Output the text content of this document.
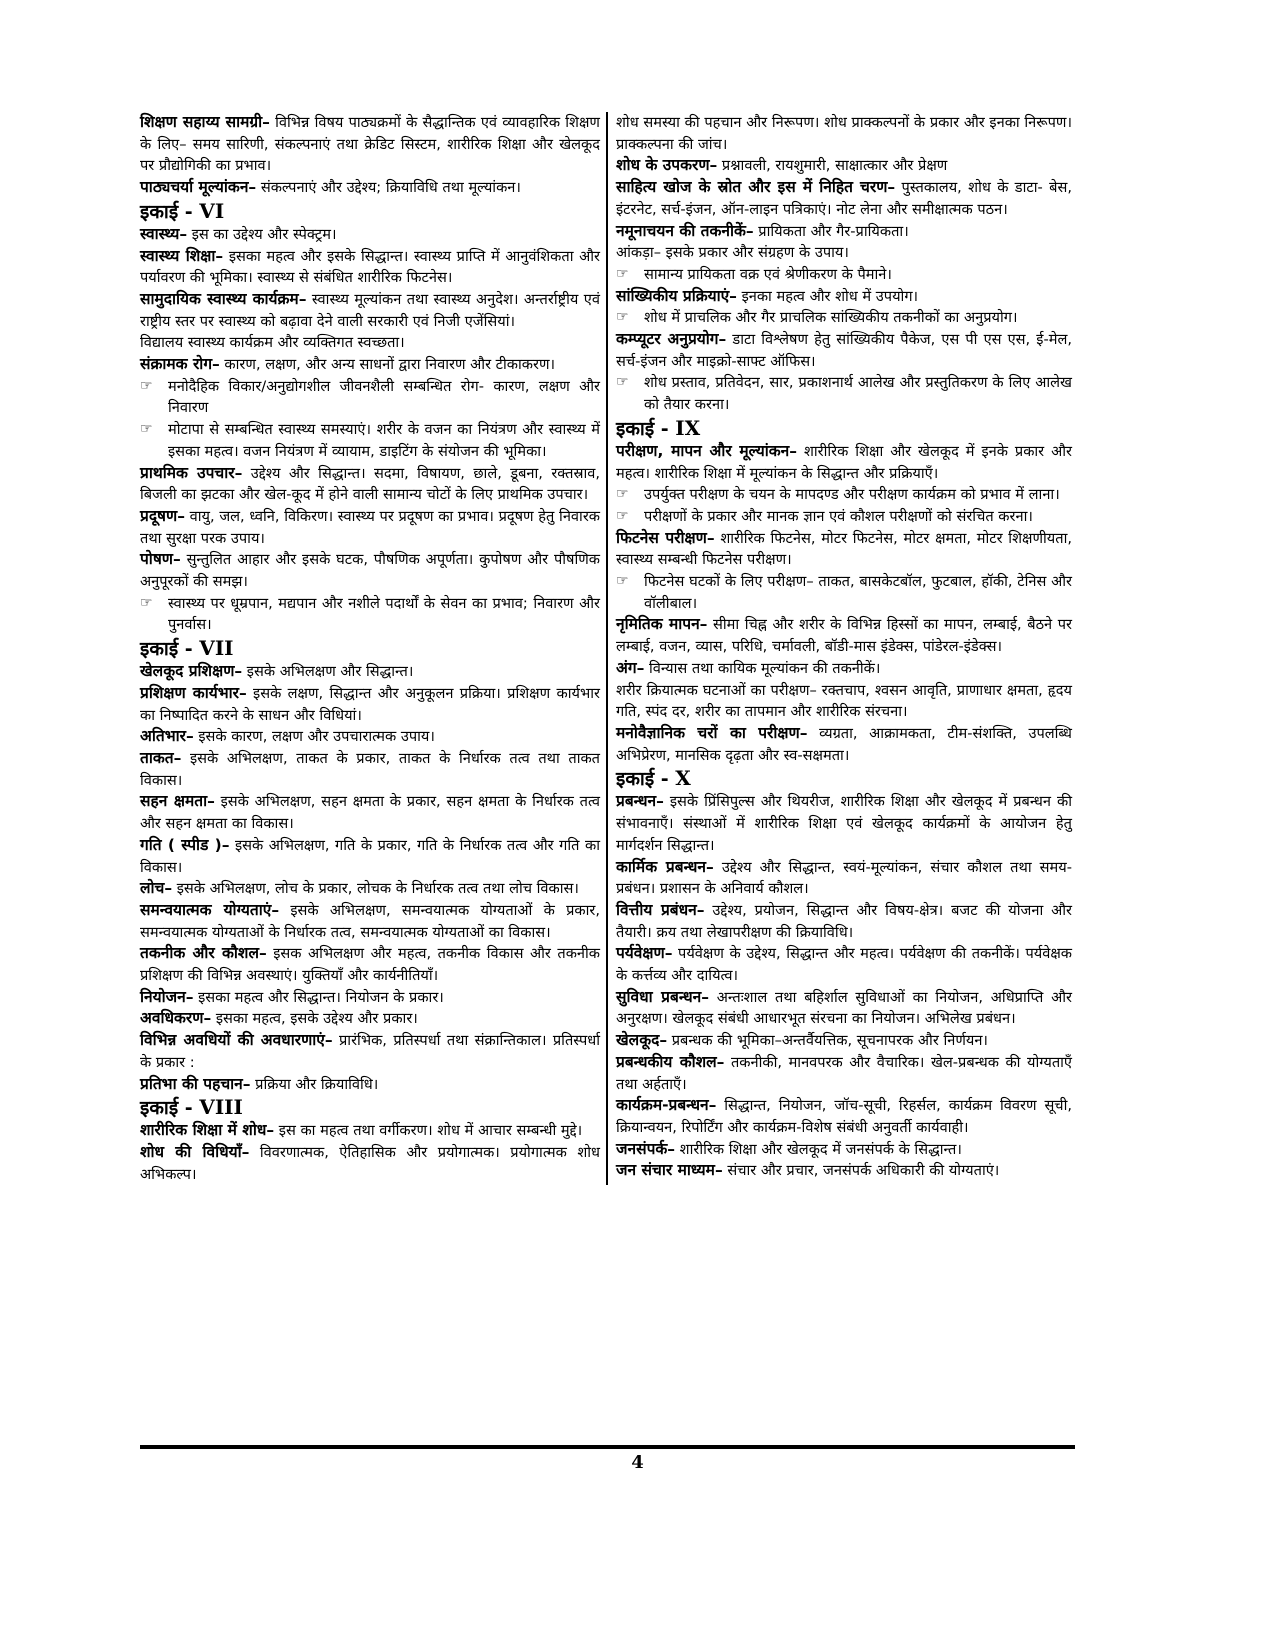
शिक्षण सहाय्य सामग्री– विभिन्न विषय पाठ्यक्रमों के सैद्धान्तिक एवं व्यावहारिक शिक्षण के लिए– समय सारिणी, संकल्पनाएं तथा क्रेडिट सिस्टम, शारीरिक शिक्षा और खेलकूद पर प्रौद्योगिकी का प्रभाव।

पाठ्यचर्या मूल्यांकन– संकल्पनाएं और उद्देश्य; क्रियाविधि तथा मूल्यांकन।

इकाई - VI

स्वास्थ्य– इस का उद्देश्य और स्पेक्ट्रम।

स्वास्थ्य शिक्षा– इसका महत्व और इसके सिद्धान्त। स्वास्थ्य प्राप्ति में आनुवंशिकता और पर्यावरण की भूमिका। स्वास्थ्य से संबंधित शारीरिक फिटनेस।

सामुदायिक स्वास्थ्य कार्यक्रम– स्वास्थ्य मूल्यांकन तथा स्वास्थ्य अनुदेश। अन्तर्राष्ट्रीय एवं राष्ट्रीय स्तर पर स्वास्थ्य को बढ़ावा देने वाली सरकारी एवं निजी एजेंसियां।

विद्यालय स्वास्थ्य कार्यक्रम और व्यक्तिगत स्वच्छता।

संक्रामक रोग– कारण, लक्षण, और अन्य साधनों द्वारा निवारण और टीकाकरण।

☞	मनोदैहिक विकार/अनुद्योगशील जीवनशैली सम्बन्धित रोग- कारण, लक्षण और निवारण
☞	मोटापा से सम्बन्धित स्वास्थ्य समस्याएं। शरीर के वजन का नियंत्रण और स्वास्थ्य में इसका महत्व। वजन नियंत्रण में व्यायाम, डाइटिंग के संयोजन की भूमिका।

प्राथमिक उपचार– उद्देश्य और सिद्धान्त। सदमा, विषायण, छाले, डूबना, रक्तस्राव, बिजली का झटका और खेल-कूद में होने वाली सामान्य चोटों के लिए प्राथमिक उपचार।

प्रदूषण– वायु, जल, ध्वनि, विकिरण। स्वास्थ्य पर प्रदूषण का प्रभाव। प्रदूषण हेतु निवारक तथा सुरक्षा परक उपाय।

पोषण– सुन्तुलित आहार और इसके घटक, पौषणिक अपूर्णता। कुपोषण और पौषणिक अनुपूरकों की समझ।

☞	स्वास्थ्य पर धूम्रपान, मद्यपान और नशीले पदार्थों के सेवन का प्रभाव; निवारण और पुनर्वास।

इकाई - VII

खेलकूद प्रशिक्षण– इसके अभिलक्षण और सिद्धान्त।

प्रशिक्षण कार्यभार– इसके लक्षण, सिद्धान्त और अनुकूलन प्रक्रिया। प्रशिक्षण कार्यभार का निष्पादित करने के साधन और विधियां।

अतिभार– इसके कारण, लक्षण और उपचारात्मक उपाय।

ताकत– इसके अभिलक्षण, ताकत के प्रकार, ताकत के निर्धारक तत्व तथा ताकत विकास।

सहन क्षमता– इसके अभिलक्षण, सहन क्षमता के प्रकार, सहन क्षमता के निर्धारक तत्व और सहन क्षमता का विकास।

गति ( स्पीड )– इसके अभिलक्षण, गति के प्रकार, गति के निर्धारक तत्व और गति का विकास।

लोच– इसके अभिलक्षण, लोच के प्रकार, लोचक के निर्धारक तत्व तथा लोच विकास।

समन्वयात्मक योग्यताएं– इसके अभिलक्षण, समन्वयात्मक योग्यताओं के प्रकार, समन्वयात्मक योग्यताओं के निर्धारक तत्व, समन्वयात्मक योग्यताओं का विकास।

तकनीक और कौशल– इसक अभिलक्षण और महत्व, तकनीक विकास और तकनीक प्रशिक्षण की विभिन्न अवस्थाएं। युक्तियाँ और कार्यनीतियाँ।

नियोजन– इसका महत्व और सिद्धान्त। नियोजन के प्रकार।

अवधिकरण– इसका महत्व, इसके उद्देश्य और प्रकार।

विभिन्न अवधियों की अवधारणाएं– प्रारंभिक, प्रतिस्पर्धा तथा संक्रान्तिकाल। प्रतिस्पर्धा के प्रकार :

प्रतिभा की पहचान– प्रक्रिया और क्रियाविधि।

इकाई - VIII

शारीरिक शिक्षा में शोध– इस का महत्व तथा वर्गीकरण। शोध में आचार सम्बन्धी मुद्दे।

शोध की विधियाँ– विवरणात्मक, ऐतिहासिक और प्रयोगात्मक। प्रयोगात्मक शोध अभिकल्प।

शोध समस्या की पहचान और निरूपण। शोध प्राक्कल्पनों के प्रकार और इनका निरूपण। प्राक्कल्पना की जांच।

शोध के उपकरण– प्रश्नावली, रायशुमारी, साक्षात्कार और प्रेक्षण

साहित्य खोज के स्रोत और इस में निहित चरण– पुस्तकालय, शोध के डाटा- बेस, इंटरनेट, सर्च-इंजन, ऑन-लाइन पत्रिकाएं। नोट लेना और समीक्षात्मक पठन।

नमूनाचयन की तकनीकें– प्रायिकता और गैर-प्रायिकता।

आंकड़ा– इसके प्रकार और संग्रहण के उपाय।

☞	सामान्य प्रायिकता वक्र एवं श्रेणीकरण के पैमाने।

सांख्यिकीय प्रक्रियाएं– इनका महत्व और शोध में उपयोग।

☞	शोध में प्राचलिक और गैर प्राचलिक सांख्यिकीय तकनीकों का अनुप्रयोग।

कम्प्यूटर अनुप्रयोग– डाटा विश्लेषण हेतु सांख्यिकीय पैकेज, एस पी एस एस, ई-मेल, सर्च-इंजन और माइक्रो-साफ्ट ऑफिस।

☞	शोध प्रस्ताव, प्रतिवेदन, सार, प्रकाशनार्थ आलेख और प्रस्तुतिकरण के लिए आलेख को तैयार करना।

इकाई - IX

परीक्षण, मापन और मूल्यांकन– शारीरिक शिक्षा और खेलकूद में इनके प्रकार और महत्व। शारीरिक शिक्षा में मूल्यांकन के सिद्धान्त और प्रक्रियाएँ।

☞	उपर्युक्त परीक्षण के चयन के मापदण्ड और परीक्षण कार्यक्रम को प्रभाव में लाना।
☞	परीक्षणों के प्रकार और मानक ज्ञान एवं कौशल परीक्षणों को संरचित करना।

फिटनेस परीक्षण– शारीरिक फिटनेस, मोटर फिटनेस, मोटर क्षमता, मोटर शिक्षणीयता, स्वास्थ्य सम्बन्धी फिटनेस परीक्षण।

☞	फिटनेस घटकों के लिए परीक्षण– ताकत, बासकेटबॉल, फुटबाल, हॉकी, टेनिस और वॉलीबाल।

नृमितिक मापन– सीमा चिह्न और शरीर के विभिन्न हिस्सों का मापन, लम्बाई, बैठने पर लम्बाई, वजन, व्यास, परिधि, चर्मावली, बॉडी-मास इंडेक्स, पांडेरल-इंडेक्स।

अंग– विन्यास तथा कायिक मूल्यांकन की तकनीकें।

शरीर क्रियात्मक घटनाओं का परीक्षण– रक्तचाप, श्वसन आवृति, प्राणाधार क्षमता, हृदय गति, स्पंद दर, शरीर का तापमान और शारीरिक संरचना।

मनोवैज्ञानिक चरों का परीक्षण– व्यग्रता, आक्रामकता, टीम-संशक्ति, उपलब्धि अभिप्रेरण, मानसिक दृढ़ता और स्व-सक्षमता।

इकाई - X

प्रबन्धन– इसके प्रिंसिपुल्स और थियरीज, शारीरिक शिक्षा और खेलकूद में प्रबन्धन की संभावनाएँ। संस्थाओं में शारीरिक शिक्षा एवं खेलकूद कार्यक्रमों के आयोजन हेतु मार्गदर्शन सिद्धान्त।

कार्मिक प्रबन्धन– उद्देश्य और सिद्धान्त, स्वयं-मूल्यांकन, संचार कौशल तथा समय-प्रबंधन। प्रशासन के अनिवार्य कौशल।

वित्तीय प्रबंधन– उद्देश्य, प्रयोजन, सिद्धान्त और विषय-क्षेत्र। बजट की योजना और तैयारी। क्रय तथा लेखापरीक्षण की क्रियाविधि।

पर्यवेक्षण– पर्यवेक्षण के उद्देश्य, सिद्धान्त और महत्व। पर्यवेक्षण की तकनीकें। पर्यवेक्षक के कर्त्तव्य और दायित्व।

सुविधा प्रबन्धन– अन्तःशाल तथा बहिर्शाल सुविधाओं का नियोजन, अधिप्राप्ति और अनुरक्षण। खेलकूद संबंधी आधारभूत संरचना का नियोजन। अभिलेख प्रबंधन।

खेलकूद– प्रबन्धक की भूमिका–अन्तर्वैयत्तिक, सूचनापरक और निर्णयन।

प्रबन्धकीय कौशल– तकनीकी, मानवपरक और वैचारिक। खेल-प्रबन्धक की योग्यताएँ तथा अर्हताएँ।

कार्यक्रम-प्रबन्धन– सिद्धान्त, नियोजन, जॉच-सूची, रिहर्सल, कार्यक्रम विवरण सूची, क्रियान्वयन, रिपोर्टिंग और कार्यक्रम-विशेष संबंधी अनुवर्ती कार्यवाही।

जनसंपर्क– शारीरिक शिक्षा और खेलकूद में जनसंपर्क के सिद्धान्त।

जन संचार माध्यम– संचार और प्रचार, जनसंपर्क अधिकारी की योग्यताएं।

4
